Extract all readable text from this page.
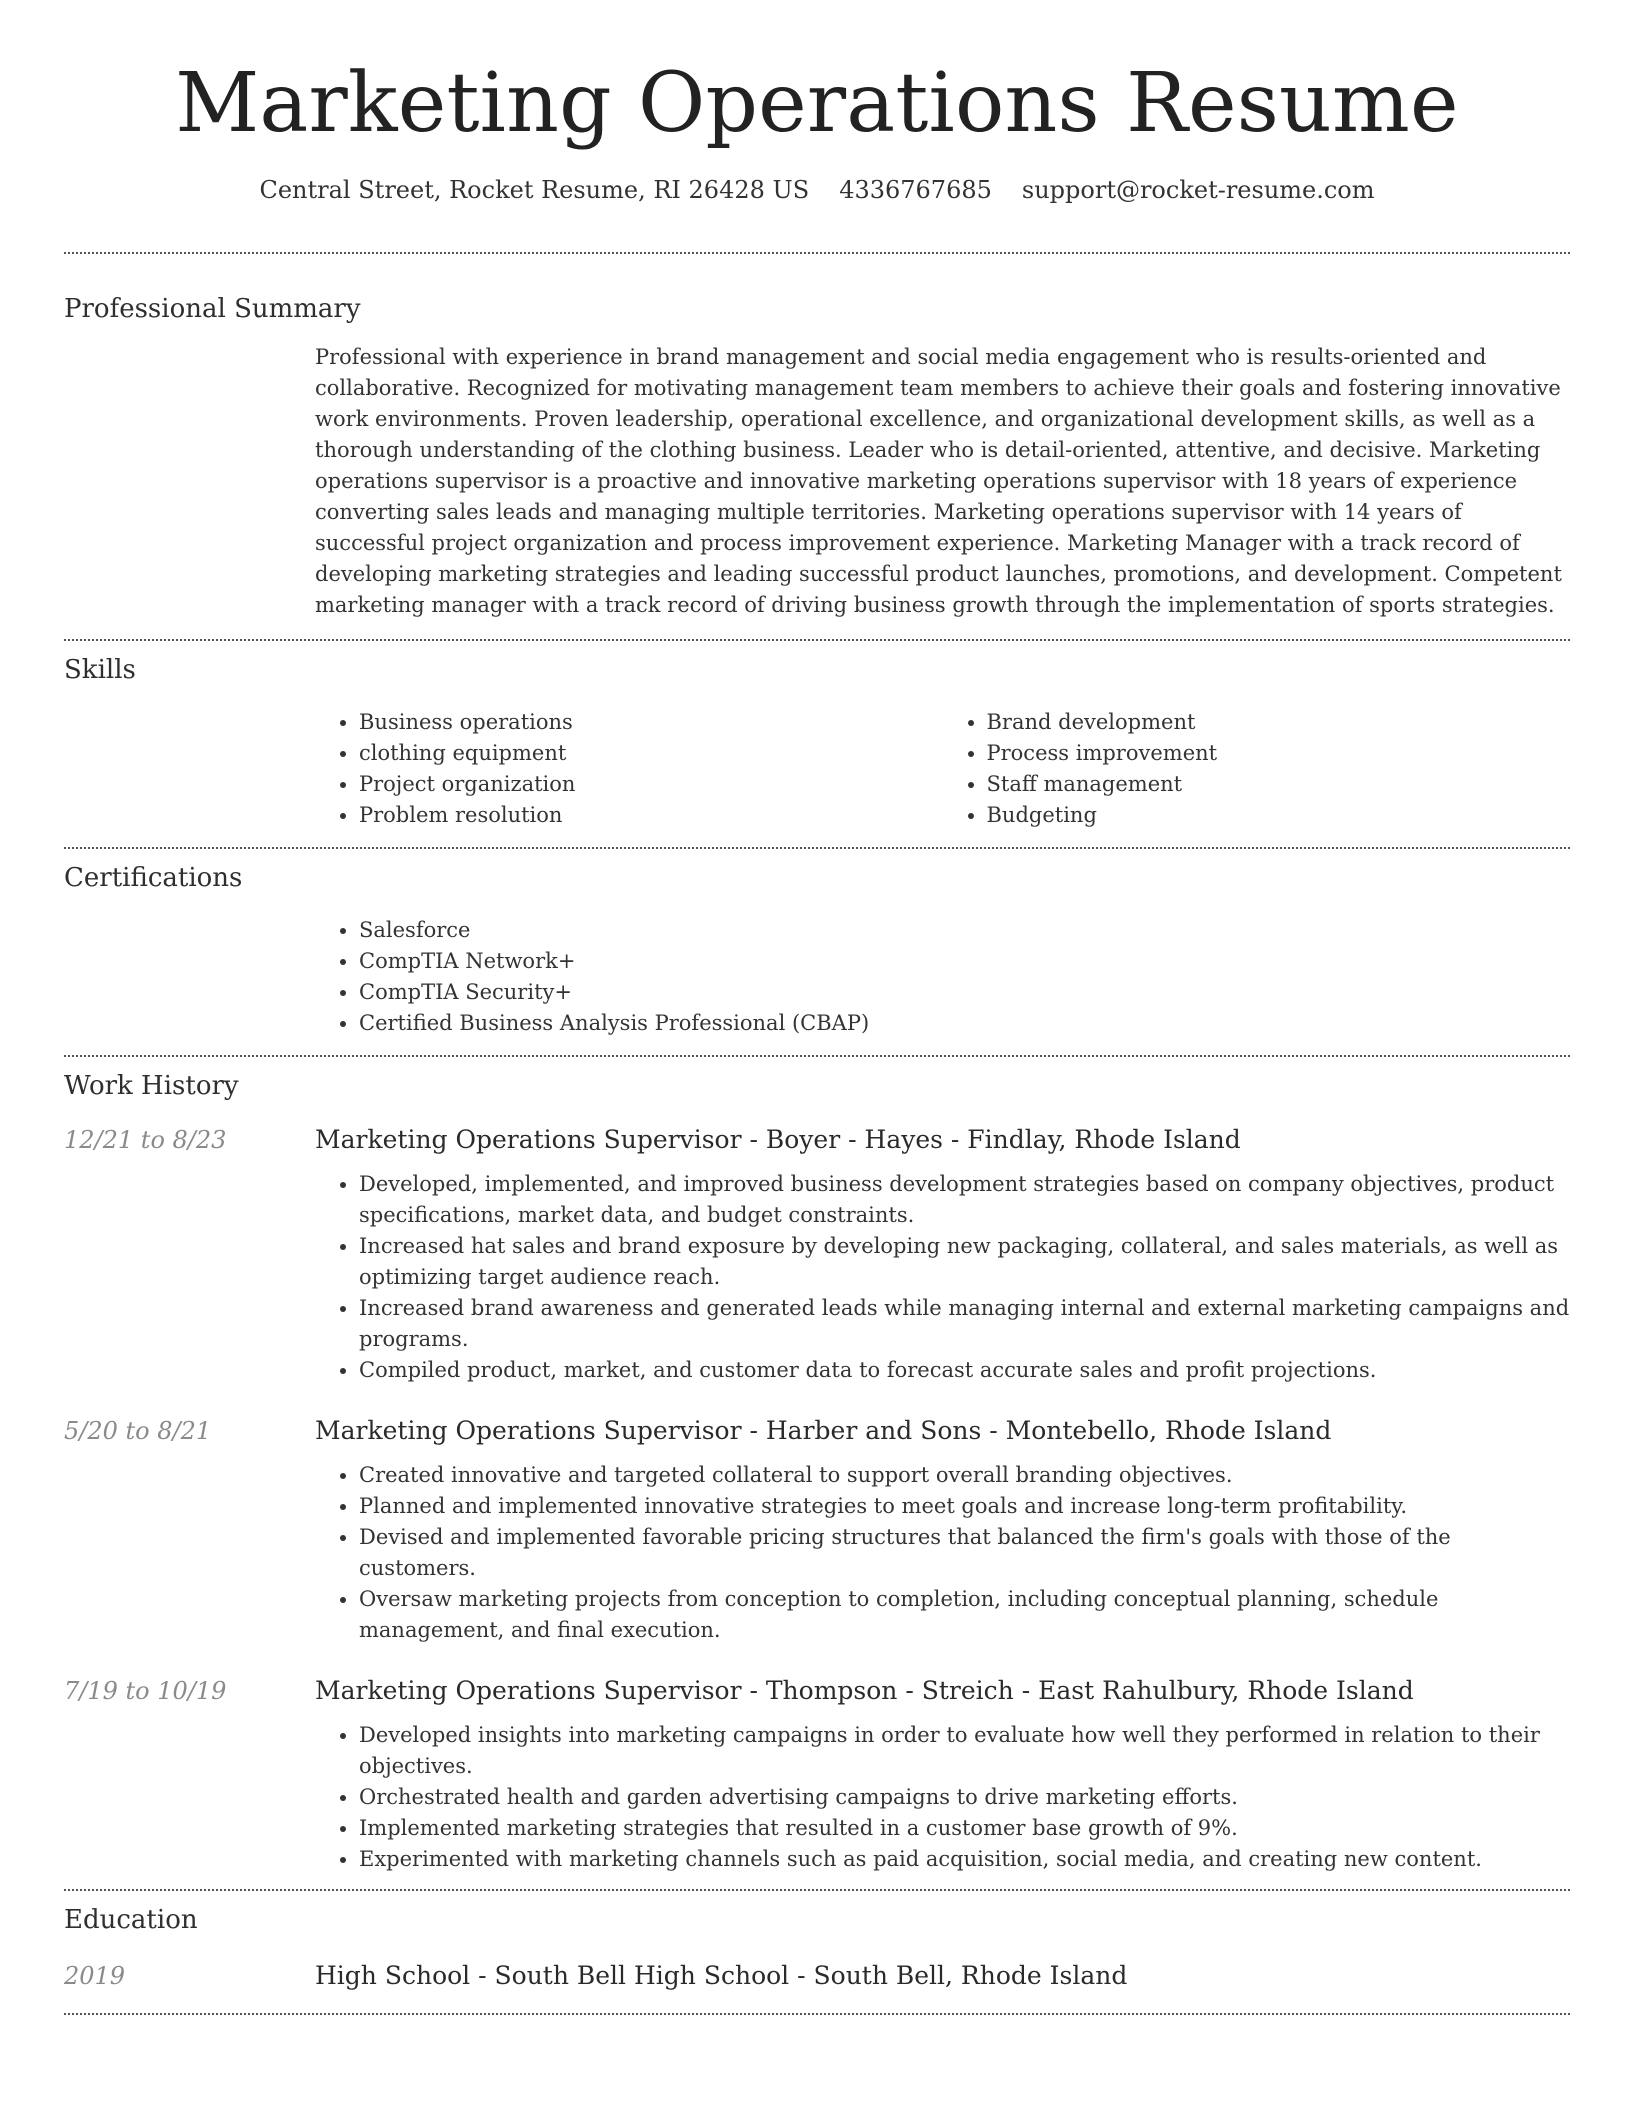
Marketing Operations Resume
Central Street, Rocket Resume, RI 26428 US 4336767685 support@rocket-resume.com
Professional Summary

Professional with experience in brand management and social media engagement who is results-oriented and collaborative. Recognized for motivating management team members to achieve their goals and fostering innovative work environments. Proven leadership, operational excellence, and organizational development skills, as well as a thorough understanding of the clothing business. Leader who is detail-oriented, attentive, and decisive. Marketing operations supervisor is a proactive and innovative marketing operations supervisor with 18 years of experience converting sales leads and managing multiple territories. Marketing operations supervisor with 14 years of successful project organization and process improvement experience. Marketing Manager with a track record of developing marketing strategies and leading successful product launches, promotions, and development. Competent marketing manager with a track record of driving business growth through the implementation of sports strategies.

Skills
• Business operations
• clothing equipment
• Project organization
• Problem resolution
• Brand development
• Process improvement
• Staff management
• Budgeting
Certifications
• Salesforce
• CompTIA Network+
• CompTIA Security+
• Certified Business Analysis Professional (CBAP)
Work History
12/21 to 8/23	Marketing Operations Supervisor - Boyer - Hayes - Findlay, Rhode Island
• Developed, implemented, and improved business development strategies based on company objectives, product specifications, market data, and budget constraints.
• Increased hat sales and brand exposure by developing new packaging, collateral, and sales materials, as well as optimizing target audience reach.
• Increased brand awareness and generated leads while managing internal and external marketing campaigns and programs.
• Compiled product, market, and customer data to forecast accurate sales and profit projections.
5/20 to 8/21	Marketing Operations Supervisor - Harber and Sons - Montebello, Rhode Island
• Created innovative and targeted collateral to support overall branding objectives.
• Planned and implemented innovative strategies to meet goals and increase long-term profitability.
• Devised and implemented favorable pricing structures that balanced the firm's goals with those of the customers.
• Oversaw marketing projects from conception to completion, including conceptual planning, schedule management, and final execution.
7/19 to 10/19	Marketing Operations Supervisor - Thompson - Streich - East Rahulbury, Rhode Island
• Developed insights into marketing campaigns in order to evaluate how well they performed in relation to their objectives.
• Orchestrated health and garden advertising campaigns to drive marketing efforts.
• Implemented marketing strategies that resulted in a customer base growth of 9%.
• Experimented with marketing channels such as paid acquisition, social media, and creating new content.
Education
2019	High School - South Bell High School - South Bell, Rhode Island
